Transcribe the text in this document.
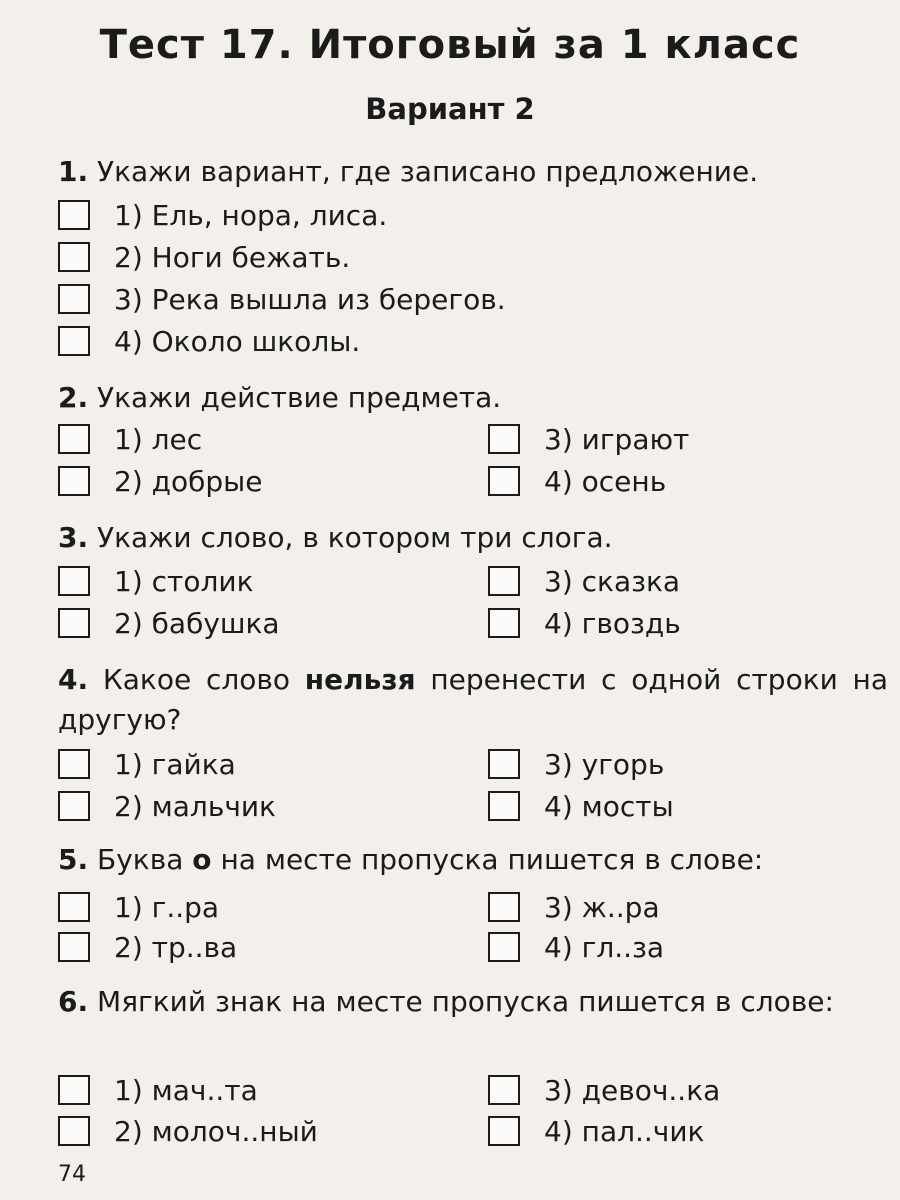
Тест 17. Итоговый за 1 класс
Вариант 2
1. Укажи вариант, где записано предложение.
1) Ель, нора, лиса.
2) Ноги бежать.
3) Река вышла из берегов.
4) Около школы.
2. Укажи действие предмета.
1) лес
2) добрые
3) играют
4) осень
3. Укажи слово, в котором три слога.
1) столик
2) бабушка
3) сказка
4) гвоздь
4. Какое слово нельзя перенести с одной строки на другую?
1) гайка
2) мальчик
3) угорь
4) мосты
5. Буква о на месте пропуска пишется в слове:
1) г..ра
2) тр..ва
3) ж..ра
4) гл..за
6. Мягкий знак на месте пропуска пишется в слове:
1) мач..та
2) молоч..ный
3) девоч..ка
4) пал..чик
74
